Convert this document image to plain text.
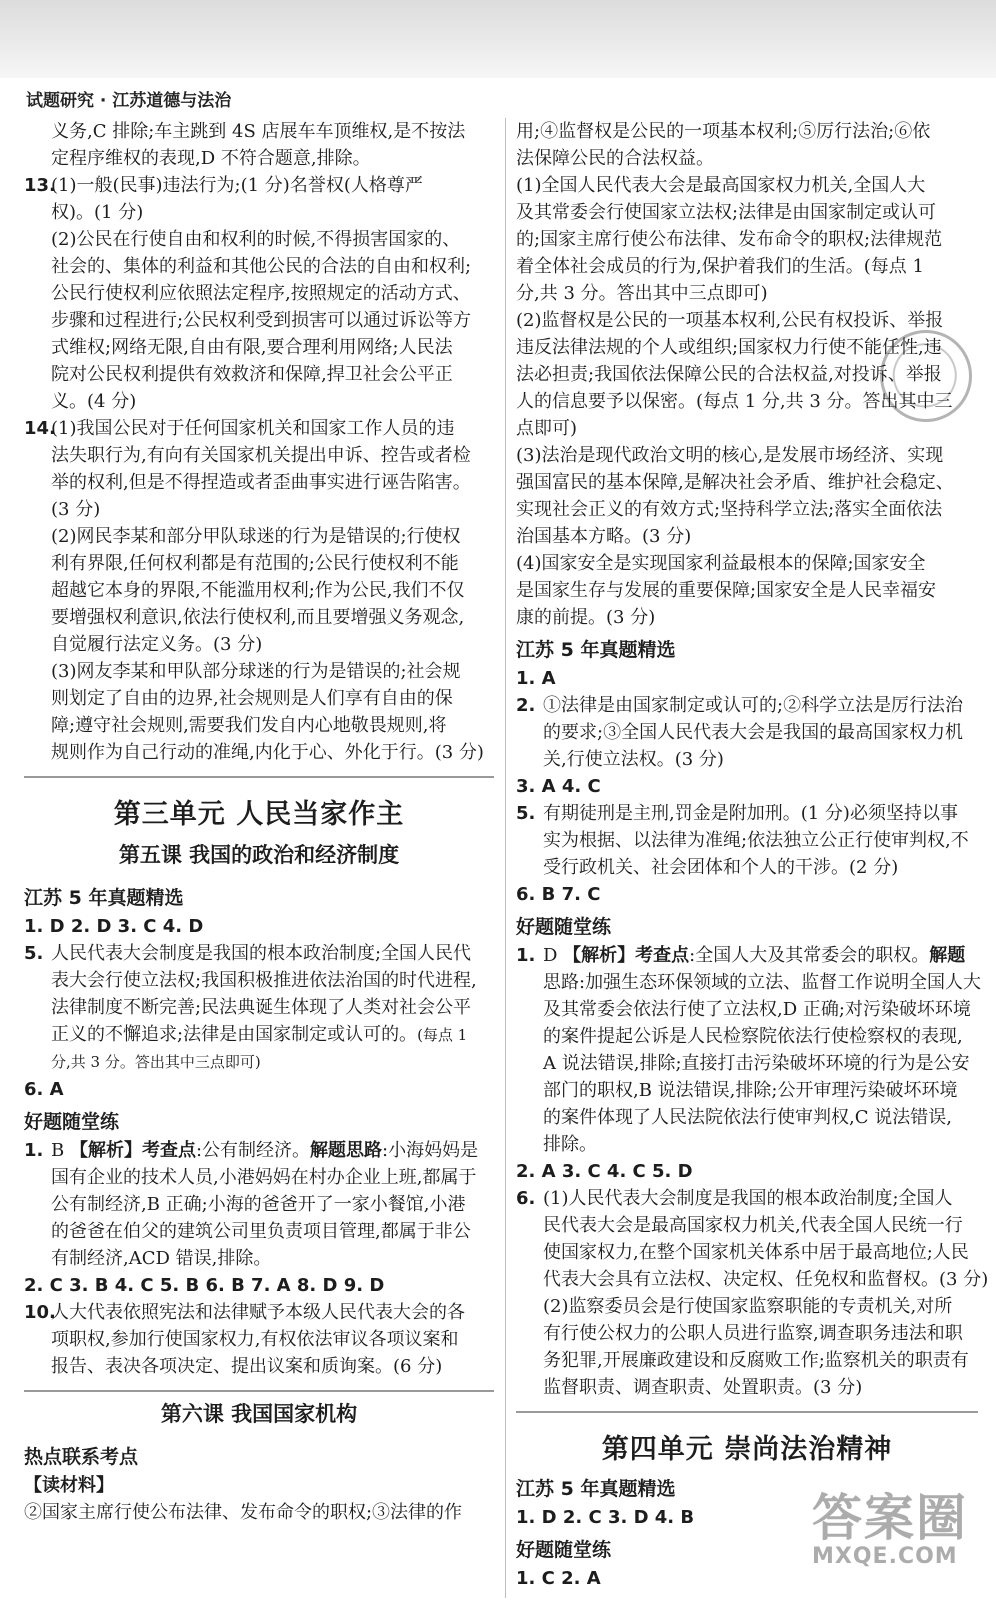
试题研究 · 江苏道德与法治

义务,C 排除;车主跳到 4S 店展车车顶维权,是不按法

定程序维权的表现,D 不符合题意,排除。

13.(1)一般(民事)违法行为;(1 分)名誉权(人格尊严

权)。(1 分)

(2)公民在行使自由和权利的时候,不得损害国家的、

社会的、集体的利益和其他公民的合法的自由和权利;

公民行使权利应依照法定程序,按照规定的活动方式、

步骤和过程进行;公民权利受到损害可以通过诉讼等方

式维权;网络无限,自由有限,要合理利用网络;人民法

院对公民权利提供有效救济和保障,捍卫社会公平正

义。(4 分)

14.(1)我国公民对于任何国家机关和国家工作人员的违

法失职行为,有向有关国家机关提出申诉、控告或者检

举的权利,但是不得捏造或者歪曲事实进行诬告陷害。

(3 分)

(2)网民李某和部分甲队球迷的行为是错误的;行使权

利有界限,任何权利都是有范围的;公民行使权利不能

超越它本身的界限,不能滥用权利;作为公民,我们不仅

要增强权利意识,依法行使权利,而且要增强义务观念,

自觉履行法定义务。(3 分)

(3)网友李某和甲队部分球迷的行为是错误的;社会规

则划定了自由的边界,社会规则是人们享有自由的保

障;遵守社会规则,需要我们发自内心地敬畏规则,将

规则作为自己行动的准绳,内化于心、外化于行。(3 分)

第三单元 人民当家作主
第五课 我国的政治和经济制度
江苏 5 年真题精选

1. D 2. D 3. C 4. D

5. 人民代表大会制度是我国的根本政治制度;全国人民代

表大会行使立法权;我国积极推进依法治国的时代进程,

法律制度不断完善;民法典诞生体现了人类对社会公平

正义的不懈追求;法律是由国家制定或认可的。(每点 1

分,共 3 分。答出其中三点即可)

6. A

好题随堂练

1. B 【解析】考查点:公有制经济。解题思路:小海妈妈是

国有企业的技术人员,小港妈妈在村办企业上班,都属于

公有制经济,B 正确;小海的爸爸开了一家小餐馆,小港

的爸爸在伯父的建筑公司里负责项目管理,都属于非公

有制经济,ACD 错误,排除。

2. C 3. B 4. C 5. B 6. B 7. A 8. D 9. D

10.人大代表依照宪法和法律赋予本级人民代表大会的各

项职权,参加行使国家权力,有权依法审议各项议案和

报告、表决各项决定、提出议案和质询案。(6 分)

第六课 我国国家机构
热点联系考点

【读材料】

②国家主席行使公布法律、发布命令的职权;③法律的作

用;④监督权是公民的一项基本权利;⑤厉行法治;⑥依

法保障公民的合法权益。

(1)全国人民代表大会是最高国家权力机关,全国人大

及其常委会行使国家立法权;法律是由国家制定或认可

的;国家主席行使公布法律、发布命令的职权;法律规范

着全体社会成员的行为,保护着我们的生活。(每点 1

分,共 3 分。答出其中三点即可)

(2)监督权是公民的一项基本权利,公民有权投诉、举报

违反法律法规的个人或组织;国家权力行使不能任性,违

法必担责;我国依法保障公民的合法权益,对投诉、举报

人的信息要予以保密。(每点 1 分,共 3 分。答出其中三

点即可)

(3)法治是现代政治文明的核心,是发展市场经济、实现

强国富民的基本保障,是解决社会矛盾、维护社会稳定、

实现社会正义的有效方式;坚持科学立法;落实全面依法

治国基本方略。(3 分)

(4)国家安全是实现国家利益最根本的保障;国家安全

是国家生存与发展的重要保障;国家安全是人民幸福安

康的前提。(3 分)

江苏 5 年真题精选

1. A

2. ①法律是由国家制定或认可的;②科学立法是厉行法治

的要求;③全国人民代表大会是我国的最高国家权力机

关,行使立法权。(3 分)

3. A 4. C

5. 有期徒刑是主刑,罚金是附加刑。(1 分)必须坚持以事

实为根据、以法律为准绳;依法独立公正行使审判权,不

受行政机关、社会团体和个人的干涉。(2 分)

6. B 7. C

好题随堂练

1. D 【解析】考查点:全国人大及其常委会的职权。解题

思路:加强生态环保领域的立法、监督工作说明全国人大

及其常委会依法行使了立法权,D 正确;对污染破坏环境

的案件提起公诉是人民检察院依法行使检察权的表现,

A 说法错误,排除;直接打击污染破坏环境的行为是公安

部门的职权,B 说法错误,排除;公开审理污染破坏环境

的案件体现了人民法院依法行使审判权,C 说法错误,

排除。

2. A 3. C 4. C 5. D

6. (1)人民代表大会制度是我国的根本政治制度;全国人

民代表大会是最高国家权力机关,代表全国人民统一行

使国家权力,在整个国家机关体系中居于最高地位;人民

代表大会具有立法权、决定权、任免权和监督权。(3 分)

(2)监察委员会是行使国家监察职能的专责机关,对所

有行使公权力的公职人员进行监察,调查职务违法和职

务犯罪,开展廉政建设和反腐败工作;监察机关的职责有

监督职责、调查职责、处置职责。(3 分)

第四单元 崇尚法治精神
江苏 5 年真题精选

1. D 2. C 3. D 4. B

好题随堂练

1. C 2. A

答案圈
MXQE.COM
